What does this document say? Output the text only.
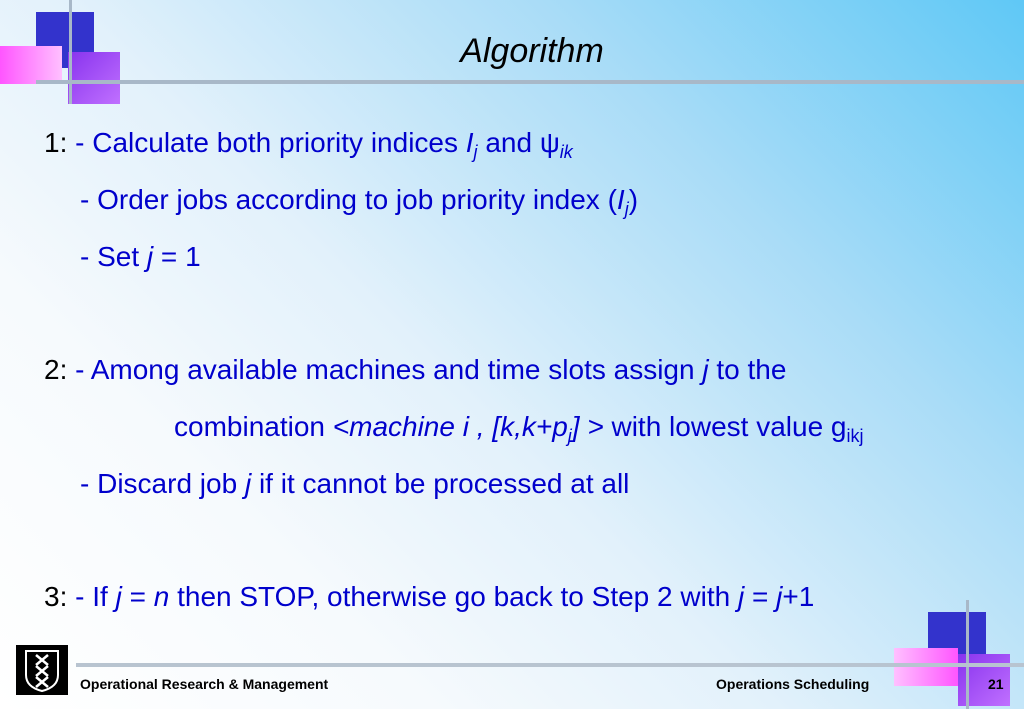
Algorithm
1: - Calculate both priority indices $I_j$ and $\psi_{ik}$
- Order jobs according to job priority index $(I_j)$
- Set j = 1
2: - Among available machines and time slots assign j to the
combination <machine i , $[k,k+p_j]$ > with lowest value $g_{ikj}$
- Discard job j if it cannot be processed at all
3: - If j = n then STOP, otherwise go back to Step 2 with j = j+1
Operational Research & Management	Operations Scheduling	21
